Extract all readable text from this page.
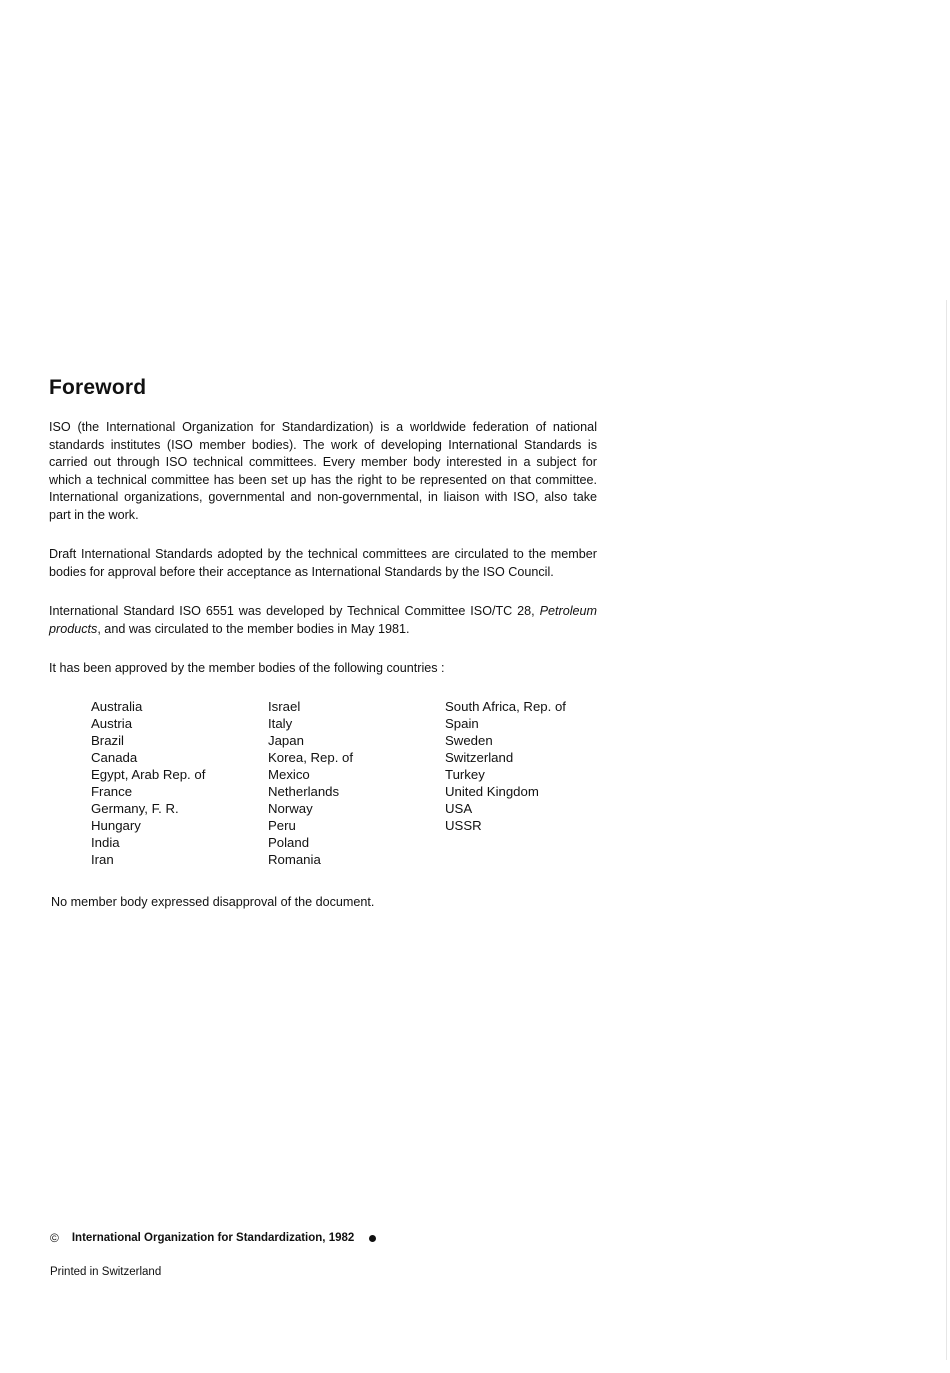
Foreword

ISO (the International Organization for Standardization) is a worldwide federation of national standards institutes (ISO member bodies). The work of developing International Standards is carried out through ISO technical committees. Every member body interested in a subject for which a technical committee has been set up has the right to be represented on that committee. International organizations, governmental and non-governmental, in liaison with ISO, also take part in the work.

Draft International Standards adopted by the technical committees are circulated to the member bodies for approval before their acceptance as International Standards by the ISO Council.

International Standard ISO 6551 was developed by Technical Committee ISO/TC 28, Petroleum products, and was circulated to the member bodies in May 1981.

It has been approved by the member bodies of the following countries :

Australia
Austria
Brazil
Canada
Egypt, Arab Rep. of
France
Germany, F. R.
Hungary
India
Iran
Israel
Italy
Japan
Korea, Rep. of
Mexico
Netherlands
Norway
Peru
Poland
Romania
South Africa, Rep. of
Spain
Sweden
Switzerland
Turkey
United Kingdom
USA
USSR

No member body expressed disapproval of the document.

© International Organization for Standardization, 1982
Printed in Switzerland
